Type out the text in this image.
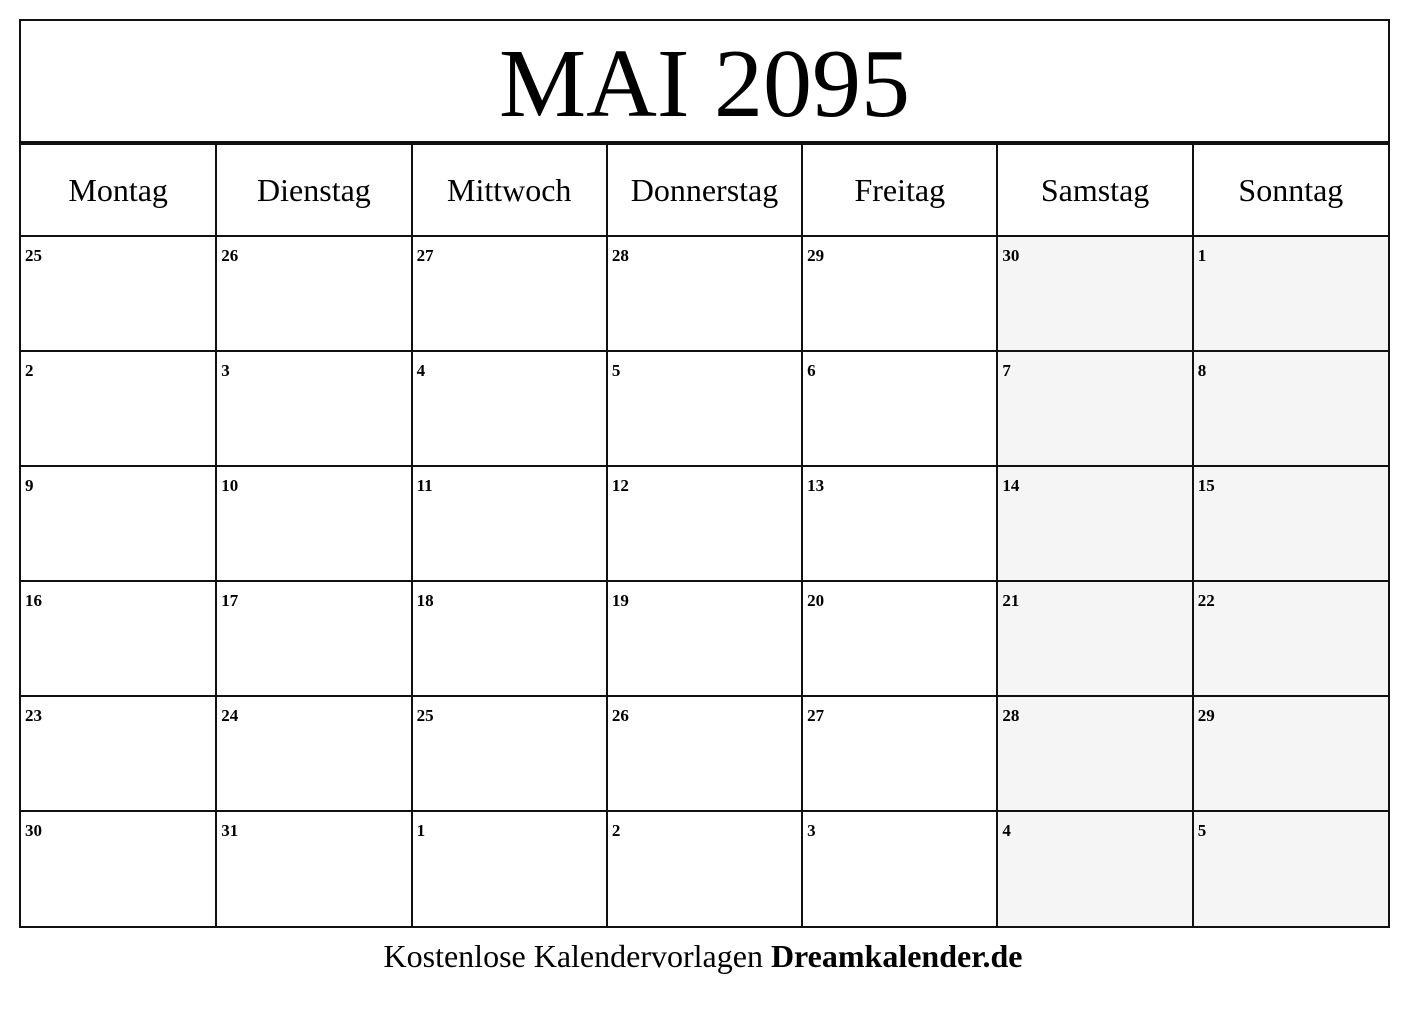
MAI 2095
Montag	Dienstag	Mittwoch	Donnerstag	Freitag	Samstag	Sonntag

25	26	27	28	29	30	1

2	3	4	5	6	7	8

9	10	11	12	13	14	15

16	17	18	19	20	21	22

23	24	25	26	27	28	29

30	31	1	2	3	4	5
Kostenlose Kalendervorlagen Dreamkalender.de
